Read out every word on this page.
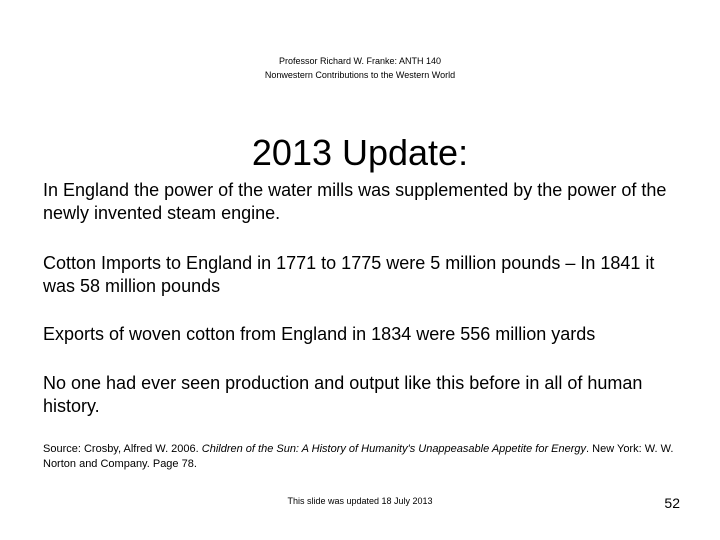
Professor Richard W. Franke: ANTH 140
Nonwestern Contributions to the Western World
2013 Update:
In England the power of the water mills was supplemented by the power of the newly invented steam engine.
Cotton Imports to England in 1771 to 1775 were 5 million pounds – In 1841 it was 58 million pounds
Exports of woven cotton from England in 1834 were 556 million yards
No one had ever seen production and output like this before in all of human history.
Source: Crosby, Alfred W. 2006. Children of the Sun: A History of Humanity's Unappeasable Appetite for Energy. New York: W. W. Norton and Company. Page 78.
This slide was updated 18 July 2013	52
